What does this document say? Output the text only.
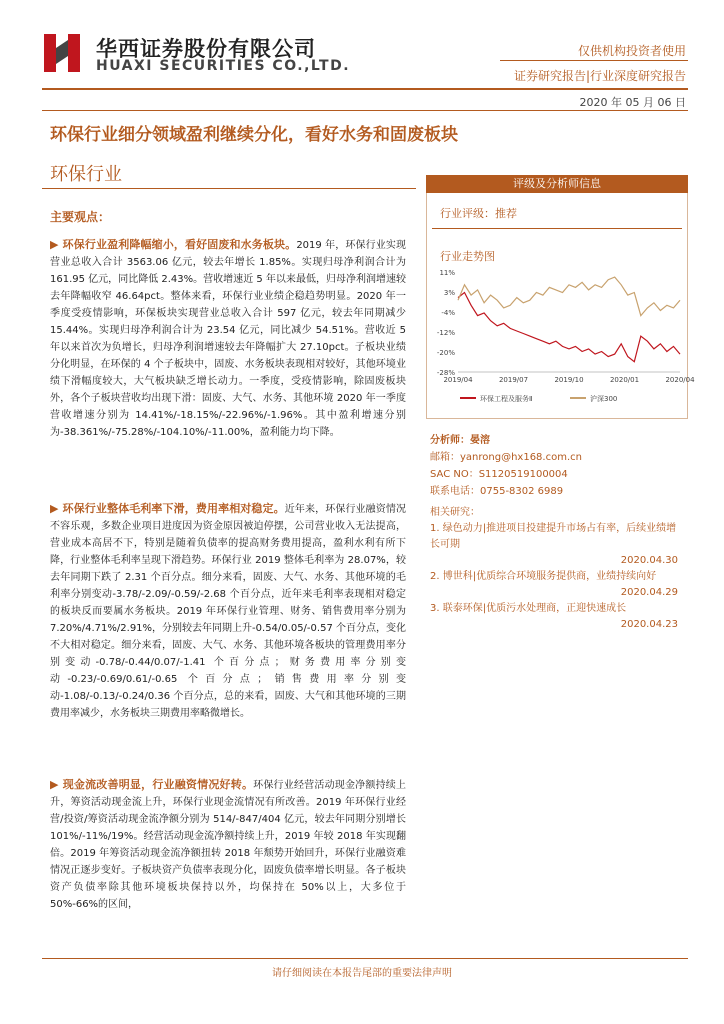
华西证券股份有限公司
HUAXI SECURITIES CO.,LTD.
仅供机构投资者使用
证券研究报告|行业深度研究报告
2020 年 05 月 06 日
环保行业细分领域盈利继续分化，看好水务和固废板块
环保行业
主要观点：
▶ 环保行业盈利降幅缩小，看好固废和水务板块。2019 年，环保行业实现营业总收入合计 3563.06 亿元，较去年增长 1.85%。实现归母净利润合计为 161.95 亿元，同比降低 2.43%。营收增速近 5 年以来最低，归母净利润增速较去年降幅收窄 46.64pct。整体来看，环保行业业绩企稳趋势明显。2020 年一季度受疫情影响，环保板块实现营业总收入合计 597 亿元，较去年同期减少 15.44%。实现归母净利润合计为 23.54 亿元，同比减少 54.51%。营收近 5 年以来首次为负增长，归母净利润增速较去年降幅扩大 27.10pct。子板块业绩分化明显，在环保的 4 个子板块中，固废、水务板块表现相对较好，其他环境业绩下滑幅度较大，大气板块缺乏增长动力。一季度，受疫情影响，除固废板块外，各个子板块营收均出现下滑：固废、大气、水务、其他环境 2020 年一季度营收增速分别为 14.41%/-18.15%/-22.96%/-1.96%。其中盈利增速分别为-38.361%/-75.28%/-104.10%/-11.00%，盈利能力均下降。
▶ 环保行业整体毛利率下滑，费用率相对稳定。近年来，环保行业融资情况不容乐观，多数企业项目进度因为资金原因被迫停摆，公司营业收入无法提高，营业成本高居不下，特别是随着负债率的提高财务费用提高，盈利水利有所下降，行业整体毛利率呈现下滑趋势。环保行业 2019 整体毛利率为 28.07%，较去年同期下跌了 2.31 个百分点。细分来看，固废、大气、水务、其他环境的毛利率分别变动-3.78/-2.09/-0.59/-2.68 个百分点，近年来毛利率表现相对稳定的板块反而要属水务板块。2019 年环保行业管理、财务、销售费用率分别为 7.20%/4.71%/2.91%，分别较去年同期上升-0.54/0.05/-0.57 个百分点，变化不大相对稳定。细分来看，固废、大气、水务、其他环境各板块的管理费用率分别变动-0.78/-0.44/0.07/-1.41 个百分点；财务费用率分别变动-0.23/-0.69/0.61/-0.65 个百分点；销售费用率分别变动-1.08/-0.13/-0.24/0.36 个百分点，总的来看，固废、大气和其他环境的三期费用率减少，水务板块三期费用率略微增长。
▶ 现金流改善明显，行业融资情况好转。环保行业经营活动现金净额持续上升，筹资活动现金流上升，环保行业现金流情况有所改善。2019 年环保行业经营/投资/筹资活动现金流净额分别为 514/-847/404 亿元，较去年同期分别增长 101%/-11%/19%。经营活动现金流净额持续上升，2019 年较 2018 年实现翻倍。2019 年筹资活动现金流净额扭转 2018 年颓势开始回升，环保行业融资难情况正逐步变好。子板块资产负债率表现分化，固废负债率增长明显。各子板块资产负债率除其他环境板块保持以外，均保持在 50%以上，大多位于 50%-66%的区间，
评级及分析师信息
行业评级：推荐
行业走势图
11%
3%
-4%
-12%
-20%
-28%
2019/04	2019/07	2019/10	2020/01	2020/04
环保工程及服务Ⅱ	沪深300
分析师：晏溶
邮箱：yanrong@hx168.com.cn
SAC NO：S1120519100004
联系电话：0755-8302 6989
相关研究：
1. 绿色动力|推进项目投建提升市场占有率，后续业绩增长可期
2020.04.30
2. 博世科|优质综合环境服务提供商，业绩持续向好
2020.04.29
3. 联泰环保|优质污水处理商，正迎快速成长
2020.04.23
请仔细阅读在本报告尾部的重要法律声明
